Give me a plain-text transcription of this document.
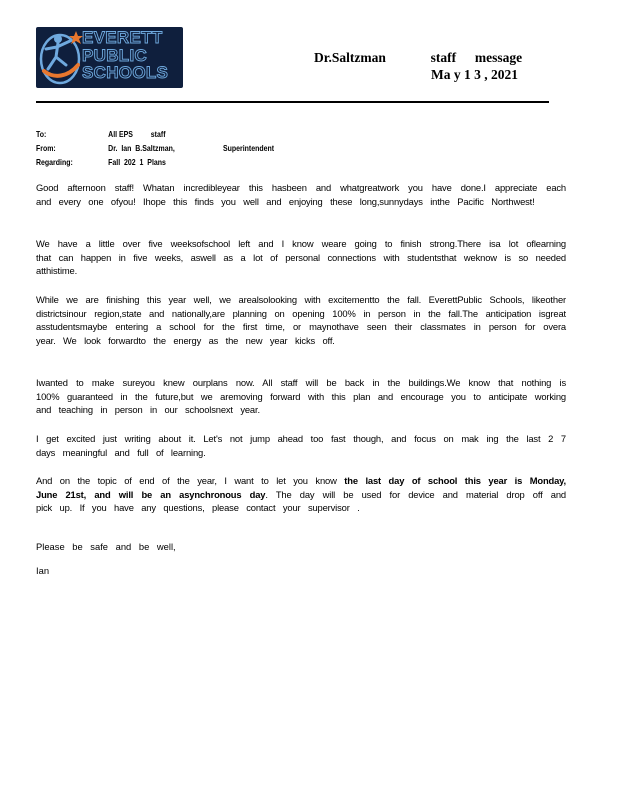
EVERETT
PUBLIC
SCHOOLS
Dr.Saltzman	staff message
Ma y 1 3 , 2021
To:	All EPS staff
From:	Dr.  Ian  B.Saltzman,	Superintendent
Regarding:	Fall  202  1  Plans
Good afternoon staff! Whatan incredibleyear this hasbeen and whatgreatwork you have done.I appreciate each and every one ofyou! Ihope this finds you well and enjoying these long,sunnydays inthe Pacific Northwest!
We have a little over five weeksofschool left and I know weare going to finish strong.There isa lot oflearning that can happen in five weeks, aswell as a lot of personal connections with studentsthat weknow is so needed atthistime.
While we are finishing this year well, we arealsolooking with excitementto the fall. EverettPublic Schools, likeother districtsinour region,state and nationally,are planning on opening 100% in person in the fall.The anticipation isgreat asstudentsmaybe entering a school for the first time, or maynothave seen their classmates in person for overa year. We look forwardto the energy as the new year kicks off.
Iwanted to make sureyou knew ourplans now. All staff will be back in the buildings.We know that nothing is 100% guaranteed in the future,but we aremoving forward with this plan and encourage you to anticipate working and teaching in person in our schoolsnext year.
I get excited just writing about it. Let's not jump ahead too fast though, and focus on mak ing the last 2 7 days meaningful and full of learning.
And on the topic of end of the year, I want to let you know the last day of school this year is Monday, June 21st, and will be an asynchronous day. The day will be used for device and material drop off and pick up. If you have any questions, please contact your supervisor .
Please be safe and be well,
Ian
